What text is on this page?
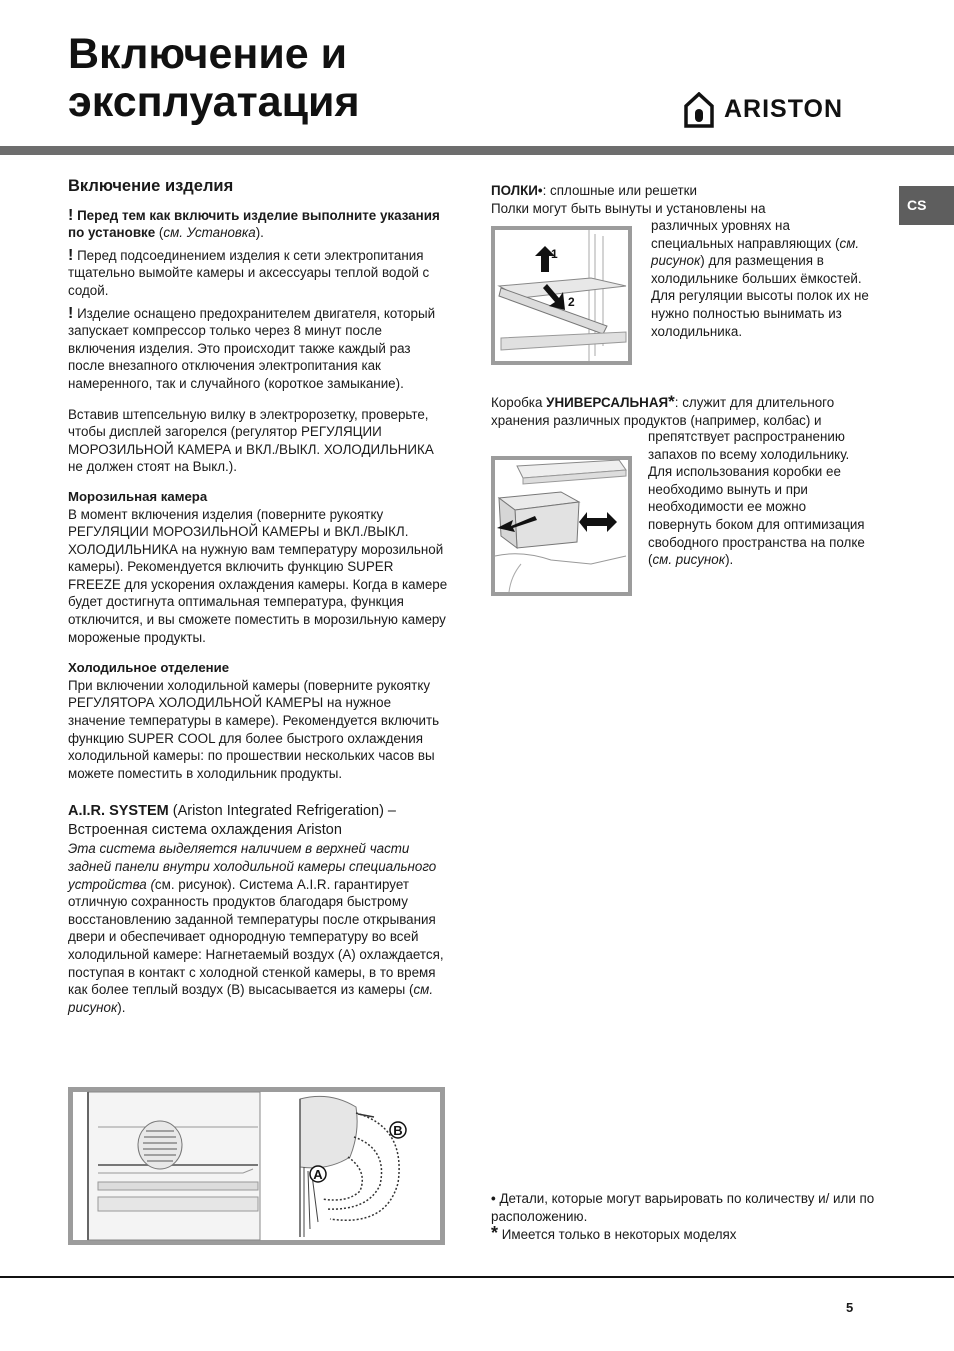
Включение и
эксплуатация	ARISTON
CS
Включение изделия

! Перед тем как включить изделие выполните указания по установке (см. Установка).

! Перед подсоединением изделия к сети электропитания тщательно вымойте камеры и аксессуары теплой водой с содой.

! Изделие оснащено предохранителем двигателя, который запускает компрессор только через 8 минут после включения изделия. Это происходит также каждый раз после внезапного отключения электропитания как намеренного, так и случайного (короткое замыкание).

Вставив штепсельную вилку в электророзетку, проверьте, чтобы дисплей загорелся (регулятор РЕГУЛЯЦИИ МОРОЗИЛЬНОЙ КАМЕРА и ВКЛ./ВЫКЛ. ХОЛОДИЛЬНИКА не должен стоят на Выкл.).

Морозильная камера

В момент включения изделия (поверните рукоятку РЕГУЛЯЦИИ МОРОЗИЛЬНОЙ КАМЕРЫ и ВКЛ./ВЫКЛ. ХОЛОДИЛЬНИКА на нужную вам температуру морозильной камеры). Рекомендуется включить функцию SUPER FREEZE для ускорения охлаждения камеры. Когда в камере будет достигнута оптимальная температура, функция отключится, и вы сможете поместить в морозильную камеру мороженые продукты.

Холодильное отделение

При включении холодильной камеры (поверните рукоятку РЕГУЛЯТОРА ХОЛОДИЛЬНОЙ КАМЕРЫ на нужное значение температуры в камере). Рекомендуется включить функцию SUPER COOL для более быстрого охлаждения холодильной камеры: по прошествии нескольких часов вы можете поместить в холодильник продукты.

A.I.R. SYSTEM (Ariston Integrated Refrigeration) – Встроенная система охлаждения Ariston

Эта система выделяется наличием в верхней части задней панели внутри холодильной камеры специального устройства (см. рисунок). Система A.I.R. гарантирует отличную сохранность продуктов благодаря быстрому восстановлению заданной температуры после открывания двери и обеспечивает однородную температуру во всей холодильной камере: Нагнетаемый воздух (А) охлаждается, поступая в контакт с холодной стенкой камеры, в то время как более теплый воздух (В) высасывается из камеры (см. рисунок).

B
A

ПОЛКИ•: сплошные или решетки

Полки могут быть вынуты и установлены на

различных уровнях на специальных направляющих (см. рисунок) для размещения в холодильнике больших ёмкостей. Для регуляции высоты полок их не нужно полностью вынимать из холодильника.

1
2

Коробка УНИВЕРСАЛЬНАЯ*: служит для длительного

хранения различных продуктов (например, колбас) и

препятствует распространению запахов по всему холодильнику. Для использования коробки ее необходимо вынуть и при необходимости ее можно повернуть боком для оптимизация свободного пространства на полке (см. рисунок).

• Детали, которые могут варьировать по количеству и/ или по расположению.

* Имеется только в некоторых моделях

5
